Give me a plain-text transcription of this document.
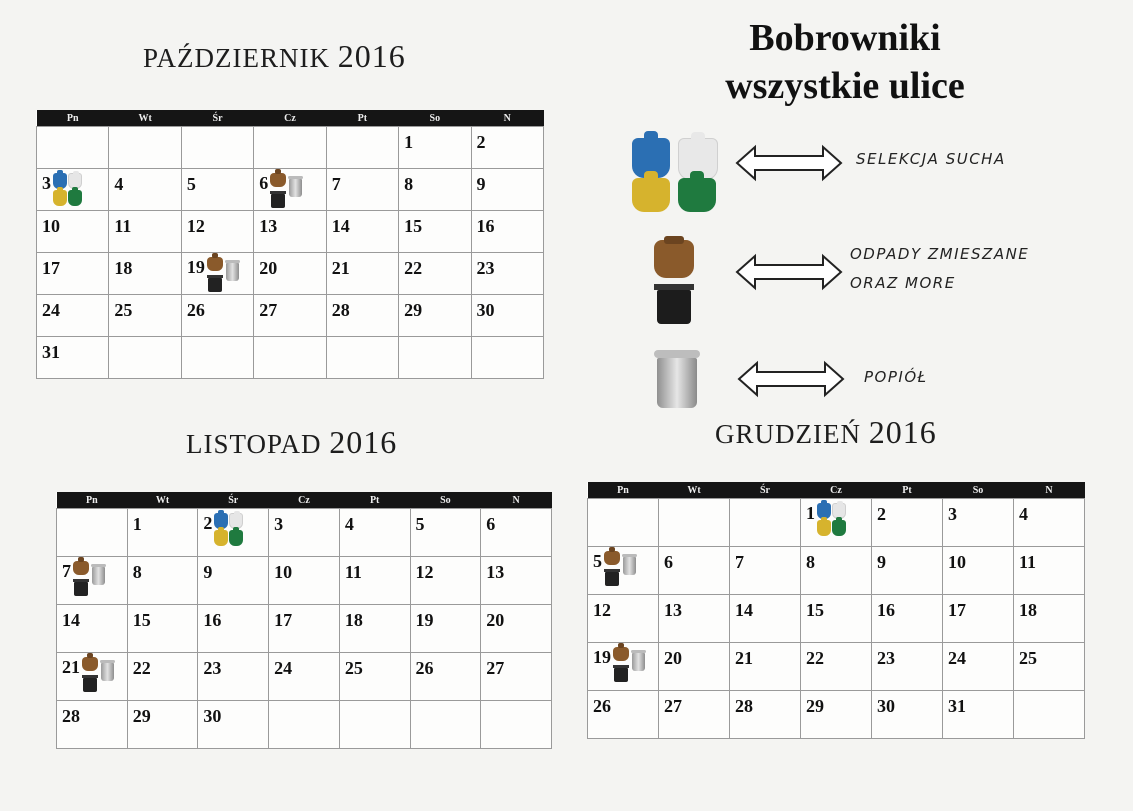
Bobrowniki
wszystkie ulice
SELEKCJA SUCHA
ODPADY ZMIESZANE
ORAZ MORE
POPIÓŁ
PAŹDZIERNIK 2016
LISTOPAD 2016	GRUDZIEŃ 2016
Pn	Wt	Śr	Cz	Pt	So	N
					1	2
3	4	5	6	7	8	9
10	11	12	13	14	15	16
17	18	19	20	21	22	23
24	25	26	27	28	29	30
31						
Pn	Wt	Śr	Cz	Pt	So	N
	1	2	3	4	5	6
7	8	9	10	11	12	13
14	15	16	17	18	19	20
21	22	23	24	25	26	27
28	29	30				
Pn	Wt	Śr	Cz	Pt	So	N
			1	2	3	4
5	6	7	8	9	10	11
12	13	14	15	16	17	18
19	20	21	22	23	24	25
26	27	28	29	30	31	
